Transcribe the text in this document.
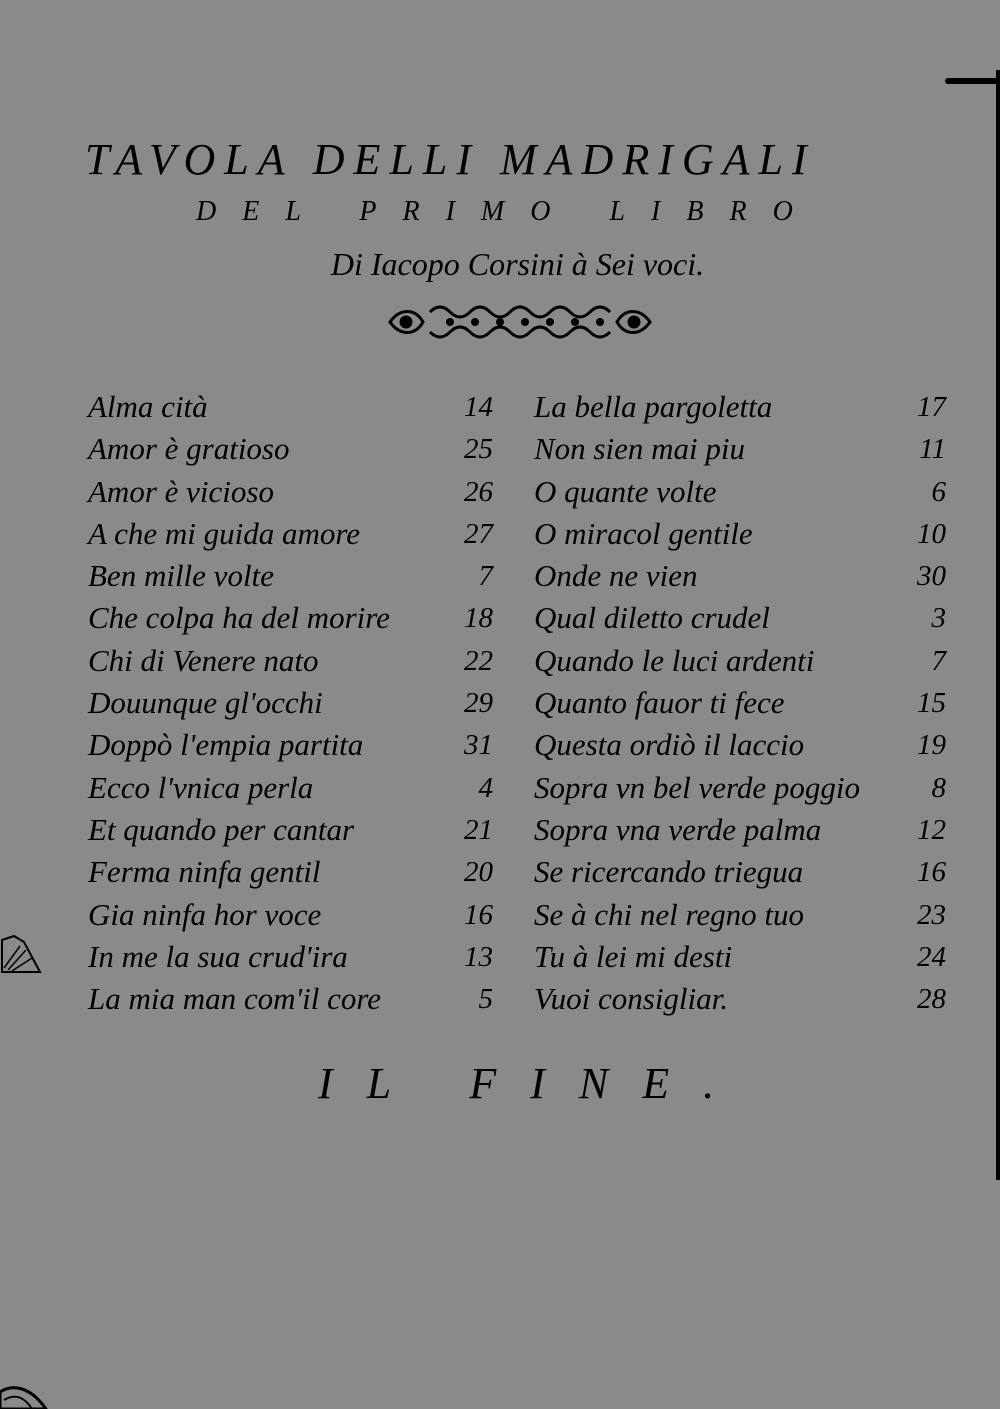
TAVOLA DELLI MADRIGALI
DEL PRIMO LIBRO
Di Iacopo Corsini à Sei voci.
Alma cità	14
Amor è gratioso	25
Amor è vicioso	26
A che mi guida amore	27
Ben mille volte	7
Che colpa ha del morire	18
Chi di Venere nato	22
Douunque gl'occhi	29
Doppò l'empia partita	31
Ecco l'vnica perla	4
Et quando per cantar	21
Ferma ninfa gentil	20
Gia ninfa hor voce	16
In me la sua crud'ira	13
La mia man com'il core	5
La bella pargoletta	17
Non sien mai piu	11
O quante volte	6
O miracol gentile	10
Onde ne vien	30
Qual diletto crudel	3
Quando le luci ardenti	7
Quanto fauor ti fece	15
Questa ordiò il laccio	19
Sopra vn bel verde poggio 8
Sopra vna verde palma	12
Se ricercando triegua	16
Se à chi nel regno tuo	23
Tu à lei mi desti	24
Vuoi consigliar.	28
IL FINE.
